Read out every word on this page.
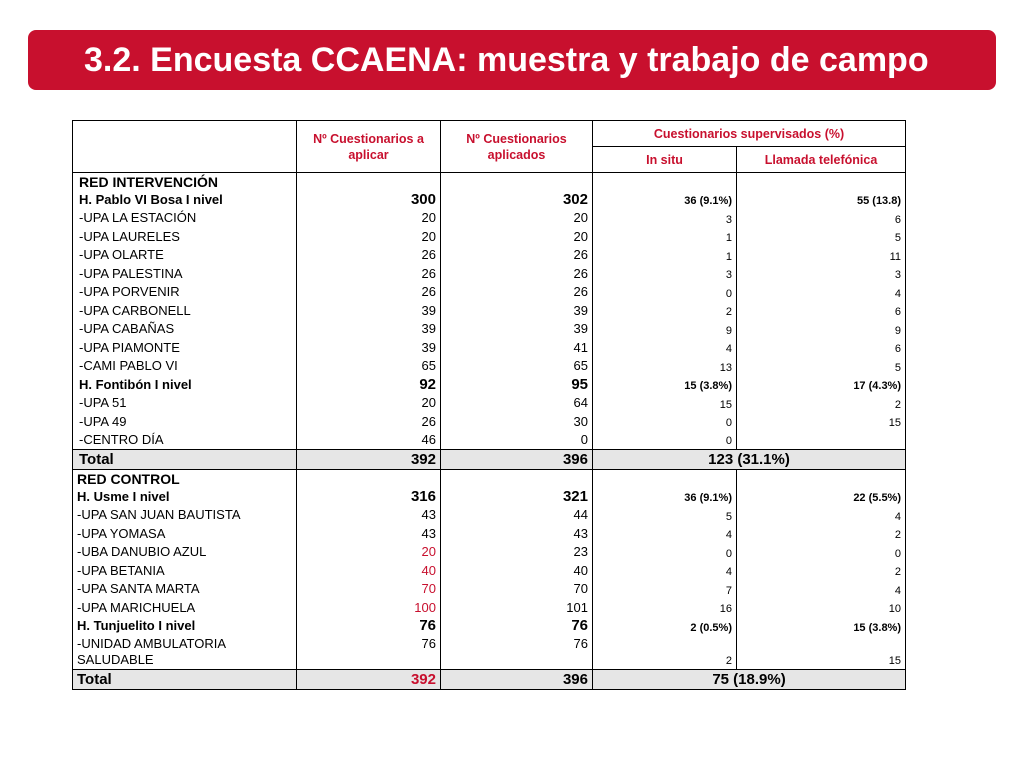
3.2. Encuesta CCAENA: muestra y trabajo de campo
	Nº Cuestionarios a aplicar	Nº Cuestionarios aplicados	Cuestionarios supervisados (%)	
			In situ	Llamada telefónica
RED INTERVENCIÓN				
H. Pablo VI Bosa I nivel	300	302	36 (9.1%)	55 (13.8)
-UPA LA ESTACIÓN	20	20	3	6
-UPA LAURELES	20	20	1	5
-UPA OLARTE	26	26	1	11
-UPA PALESTINA	26	26	3	3
-UPA PORVENIR	26	26	0	4
-UPA CARBONELL	39	39	2	6
-UPA CABAÑAS	39	39	9	9
-UPA PIAMONTE	39	41	4	6
-CAMI PABLO VI	65	65	13	5
H. Fontibón I nivel	92	95	15 (3.8%)	17 (4.3%)
-UPA 51	20	64	15	2
-UPA 49	26	30	0	15
-CENTRO DÍA	46	0	0	
Total	392	396	123 (31.1%)	
RED CONTROL				
H. Usme I nivel	316	321	36 (9.1%)	22 (5.5%)
-UPA SAN JUAN BAUTISTA	43	44	5	4
-UPA YOMASA	43	43	4	2
-UBA DANUBIO AZUL	20	23	0	0
-UPA BETANIA	40	40	4	2
-UPA SANTA MARTA	70	70	7	4
-UPA MARICHUELA	100	101	16	10
H. Tunjuelito I nivel	76	76	2 (0.5%)	15 (3.8%)
-UNIDAD AMBULATORIA SALUDABLE	76	76	2	15
Total	392	396	75 (18.9%)	
